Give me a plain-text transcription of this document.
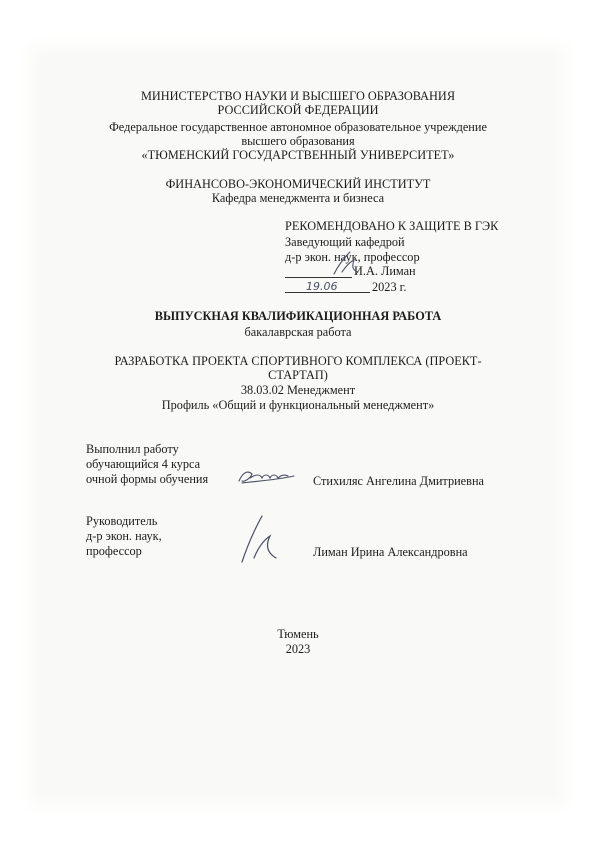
МИНИСТЕРСТВО НАУКИ И ВЫСШЕГО ОБРАЗОВАНИЯ
РОССИЙСКОЙ ФЕДЕРАЦИИ
Федеральное государственное автономное образовательное учреждение
высшего образования
«ТЮМЕНСКИЙ ГОСУДАРСТВЕННЫЙ УНИВЕРСИТЕТ»
ФИНАНСОВО-ЭКОНОМИЧЕСКИЙ ИНСТИТУТ
Кафедра менеджмента и бизнеса
РЕКОМЕНДОВАНО К ЗАЩИТЕ В ГЭК
Заведующий кафедрой
д-р экон. наук, профессор
И.А. Лиман
19.06	2023 г.
ВЫПУСКНАЯ КВАЛИФИКАЦИОННАЯ РАБОТА
бакалаврская работа
РАЗРАБОТКА ПРОЕКТА СПОРТИВНОГО КОМПЛЕКСА (ПРОЕКТ-
СТАРТАП)
38.03.02 Менеджмент
Профиль «Общий и функциональный менеджмент»
Выполнил работу
обучающийся 4 курса
очной формы обучения	Стихиляс Ангелина Дмитриевна
Руководитель
д-р экон. наук,
профессор	Лиман Ирина Александровна
Тюмень
2023
